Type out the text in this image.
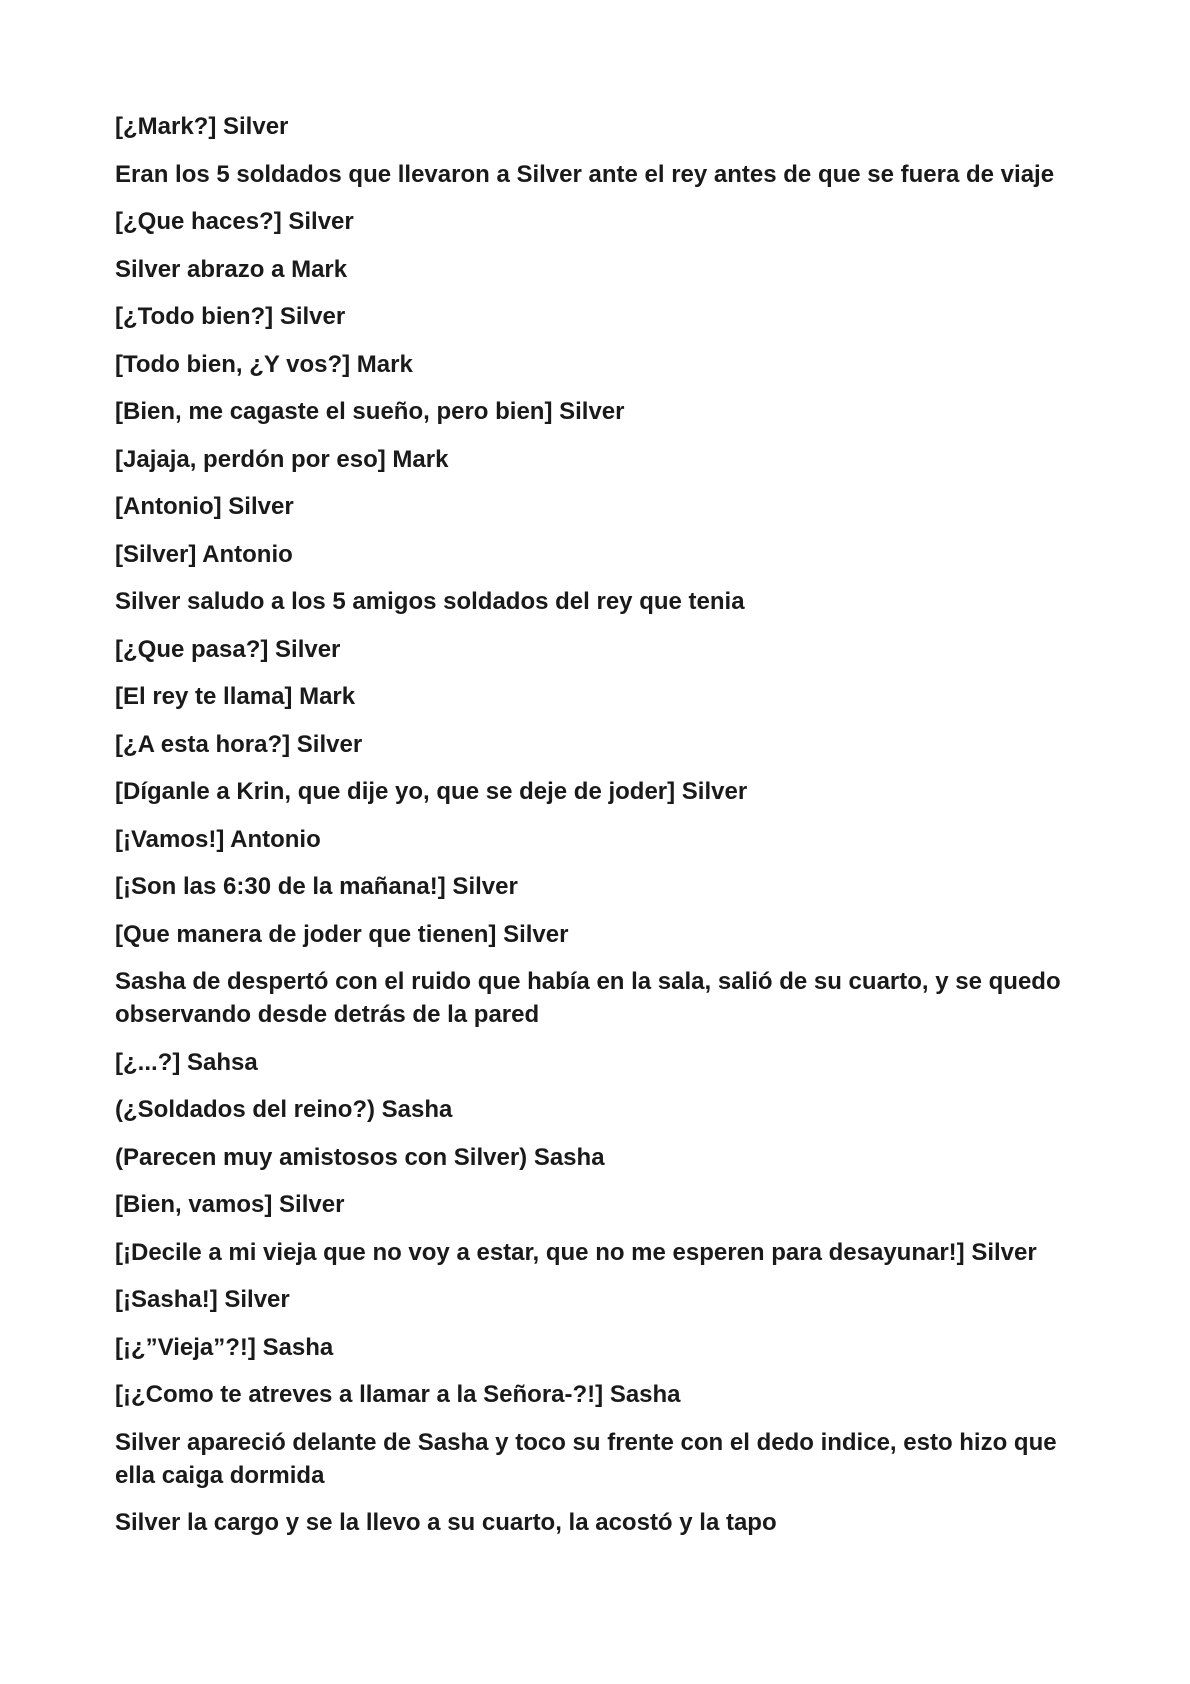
[¿Mark?] Silver

Eran los 5 soldados que llevaron a Silver ante el rey antes de que se fuera de viaje

[¿Que haces?] Silver

Silver abrazo a Mark

[¿Todo bien?] Silver

[Todo bien, ¿Y vos?] Mark

[Bien, me cagaste el sueño, pero bien] Silver

[Jajaja, perdón por eso] Mark

[Antonio] Silver

[Silver] Antonio

Silver saludo a los 5 amigos soldados del rey que tenia

[¿Que pasa?] Silver

[El rey te llama] Mark

[¿A esta hora?] Silver

[Díganle a Krin, que dije yo, que se deje de joder] Silver

[¡Vamos!] Antonio

[¡Son las 6:30 de la mañana!] Silver

[Que manera de joder que tienen] Silver

Sasha de despertó con el ruido que había en la sala, salió de su cuarto, y se quedo observando desde detrás de la pared

[¿...?] Sahsa

(¿Soldados del reino?) Sasha

(Parecen muy amistosos con Silver) Sasha

[Bien, vamos] Silver

[¡Decile a mi vieja que no voy a estar, que no me esperen para desayunar!] Silver

[¡Sasha!] Silver

[¡¿”Vieja”?!] Sasha

[¡¿Como te atreves a llamar a la Señora-?!] Sasha

Silver apareció delante de Sasha y toco su frente con el dedo indice, esto hizo que ella caiga dormida

Silver la cargo y se la llevo a su cuarto, la acostó y la tapo
